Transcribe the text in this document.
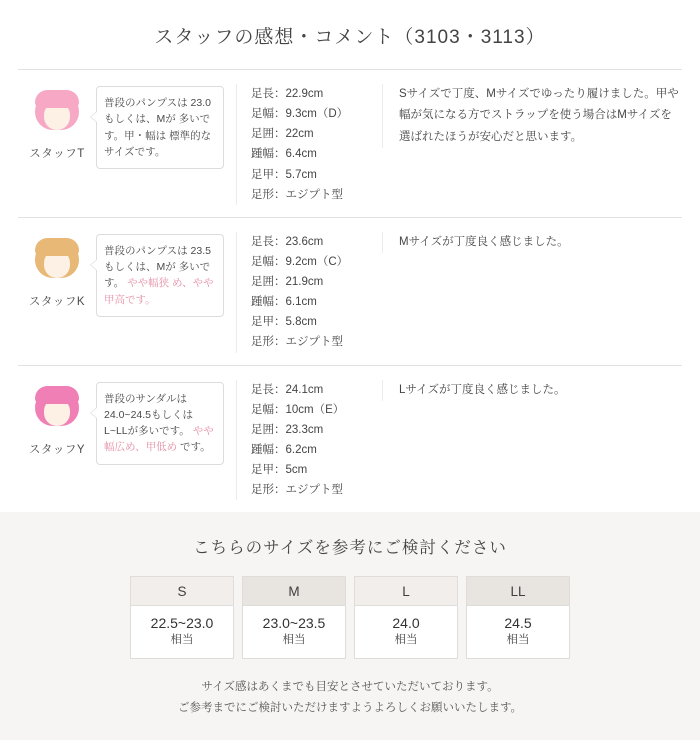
スタッフの感想・コメント（3103・3113）
スタッフT
普段のパンプスは 23.0もしくは、Mが 多いです。甲・幅は 標準的なサイズです。
足長：22.9cm
足幅：9.3cm（D）
足囲：22cm
踵幅：6.4cm
足甲：5.7cm
足形：エジプト型
Sサイズで丁度、Mサイズでゆったり履けました。甲や幅が気になる方でストラップを使う場合はMサイズを選ばれたほうが安心だと思います。
スタッフK
普段のパンプスは 23.5もしくは、Mが 多いです。 やや幅狭 め、やや甲高です。
足長：23.6cm
足幅：9.2cm（C）
足囲：21.9cm
踵幅：6.1cm
足甲：5.8cm
足形：エジプト型
Mサイズが丁度良く感じました。
スタッフY
普段のサンダルは 24.0~24.5もしくは L~LLが多いです。 やや幅広め、甲低め です。
足長：24.1cm
足幅：10cm（E）
足囲：23.3cm
踵幅：6.2cm
足甲：5cm
足形：エジプト型
Lサイズが丁度良く感じました。
こちらのサイズを参考にご検討ください
S
22.5~23.0
相当
M
23.0~23.5
相当
L
24.0
相当
LL
24.5
相当
サイズ感はあくまでも目安とさせていただいております。
ご参考までにご検討いただけますようよろしくお願いいたします。
